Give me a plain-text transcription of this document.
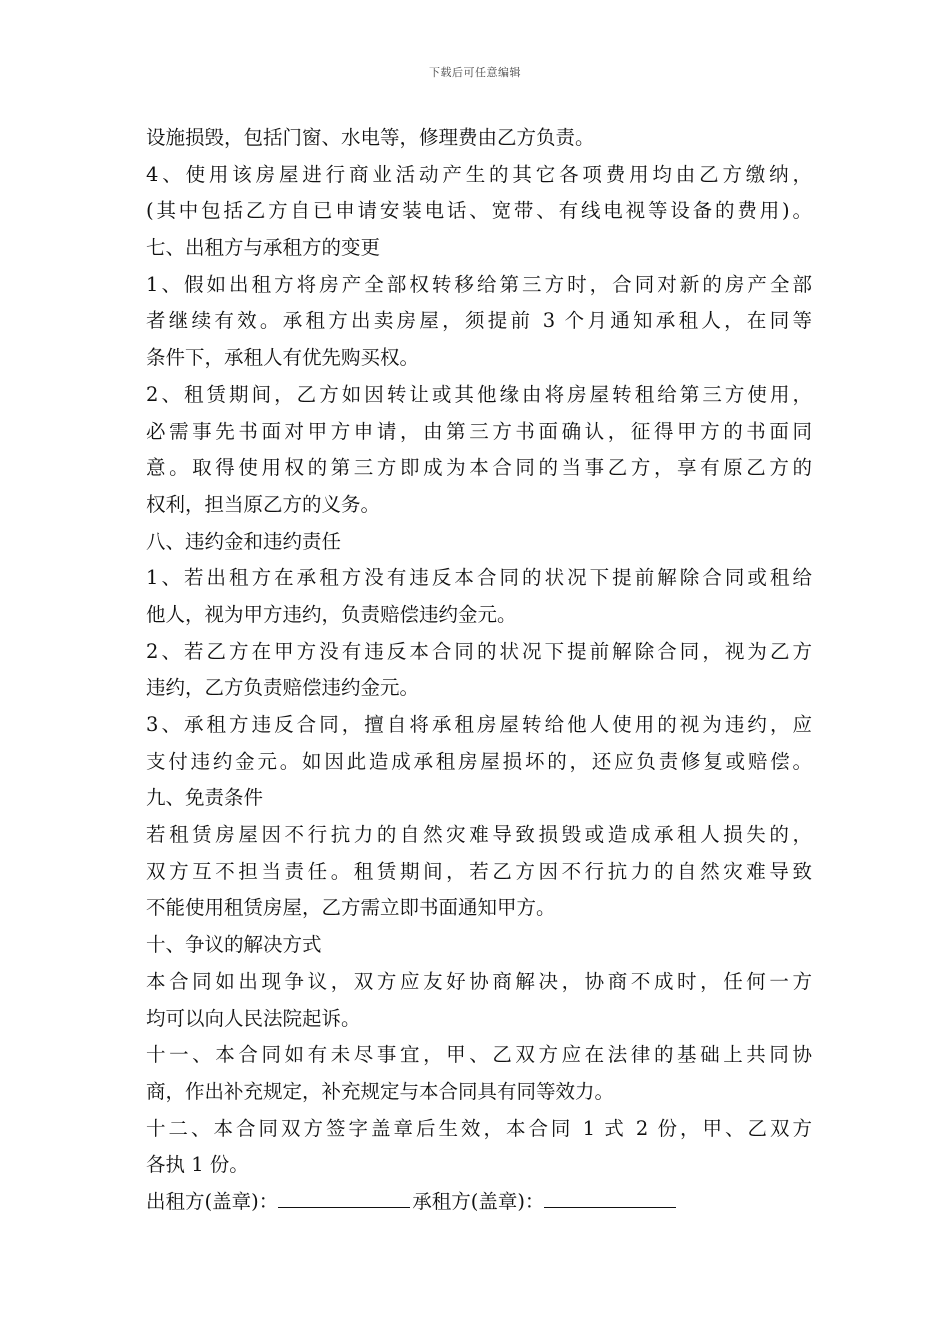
下载后可任意编辑
设施损毁，包括门窗、水电等，修理费由乙方负责。
4、使用该房屋进行商业活动产生的其它各项费用均由乙方缴纳，
(其中包括乙方自已申请安装电话、宽带、有线电视等设备的费用)。
七、出租方与承租方的变更
1、假如出租方将房产全部权转移给第三方时，合同对新的房产全部
者继续有效。承租方出卖房屋，须提前 3 个月通知承租人，在同等
条件下，承租人有优先购买权。
2、租赁期间，乙方如因转让或其他缘由将房屋转租给第三方使用，
必需事先书面对甲方申请，由第三方书面确认，征得甲方的书面同
意。取得使用权的第三方即成为本合同的当事乙方，享有原乙方的
权利，担当原乙方的义务。
八、违约金和违约责任
1、若出租方在承租方没有违反本合同的状况下提前解除合同或租给
他人，视为甲方违约，负责赔偿违约金元。
2、若乙方在甲方没有违反本合同的状况下提前解除合同，视为乙方
违约，乙方负责赔偿违约金元。
3、承租方违反合同，擅自将承租房屋转给他人使用的视为违约，应
支付违约金元。如因此造成承租房屋损坏的，还应负责修复或赔偿。
九、免责条件
若租赁房屋因不行抗力的自然灾难导致损毁或造成承租人损失的，
双方互不担当责任。租赁期间，若乙方因不行抗力的自然灾难导致
不能使用租赁房屋，乙方需立即书面通知甲方。
十、争议的解决方式
本合同如出现争议，双方应友好协商解决，协商不成时，任何一方
均可以向人民法院起诉。
十一、本合同如有未尽事宜，甲、乙双方应在法律的基础上共同协
商，作出补充规定，补充规定与本合同具有同等效力。
十二、本合同双方签字盖章后生效，本合同 1 式 2 份，甲、乙双方
各执 1 份。
出租方(盖章)：	承租方(盖章)：
